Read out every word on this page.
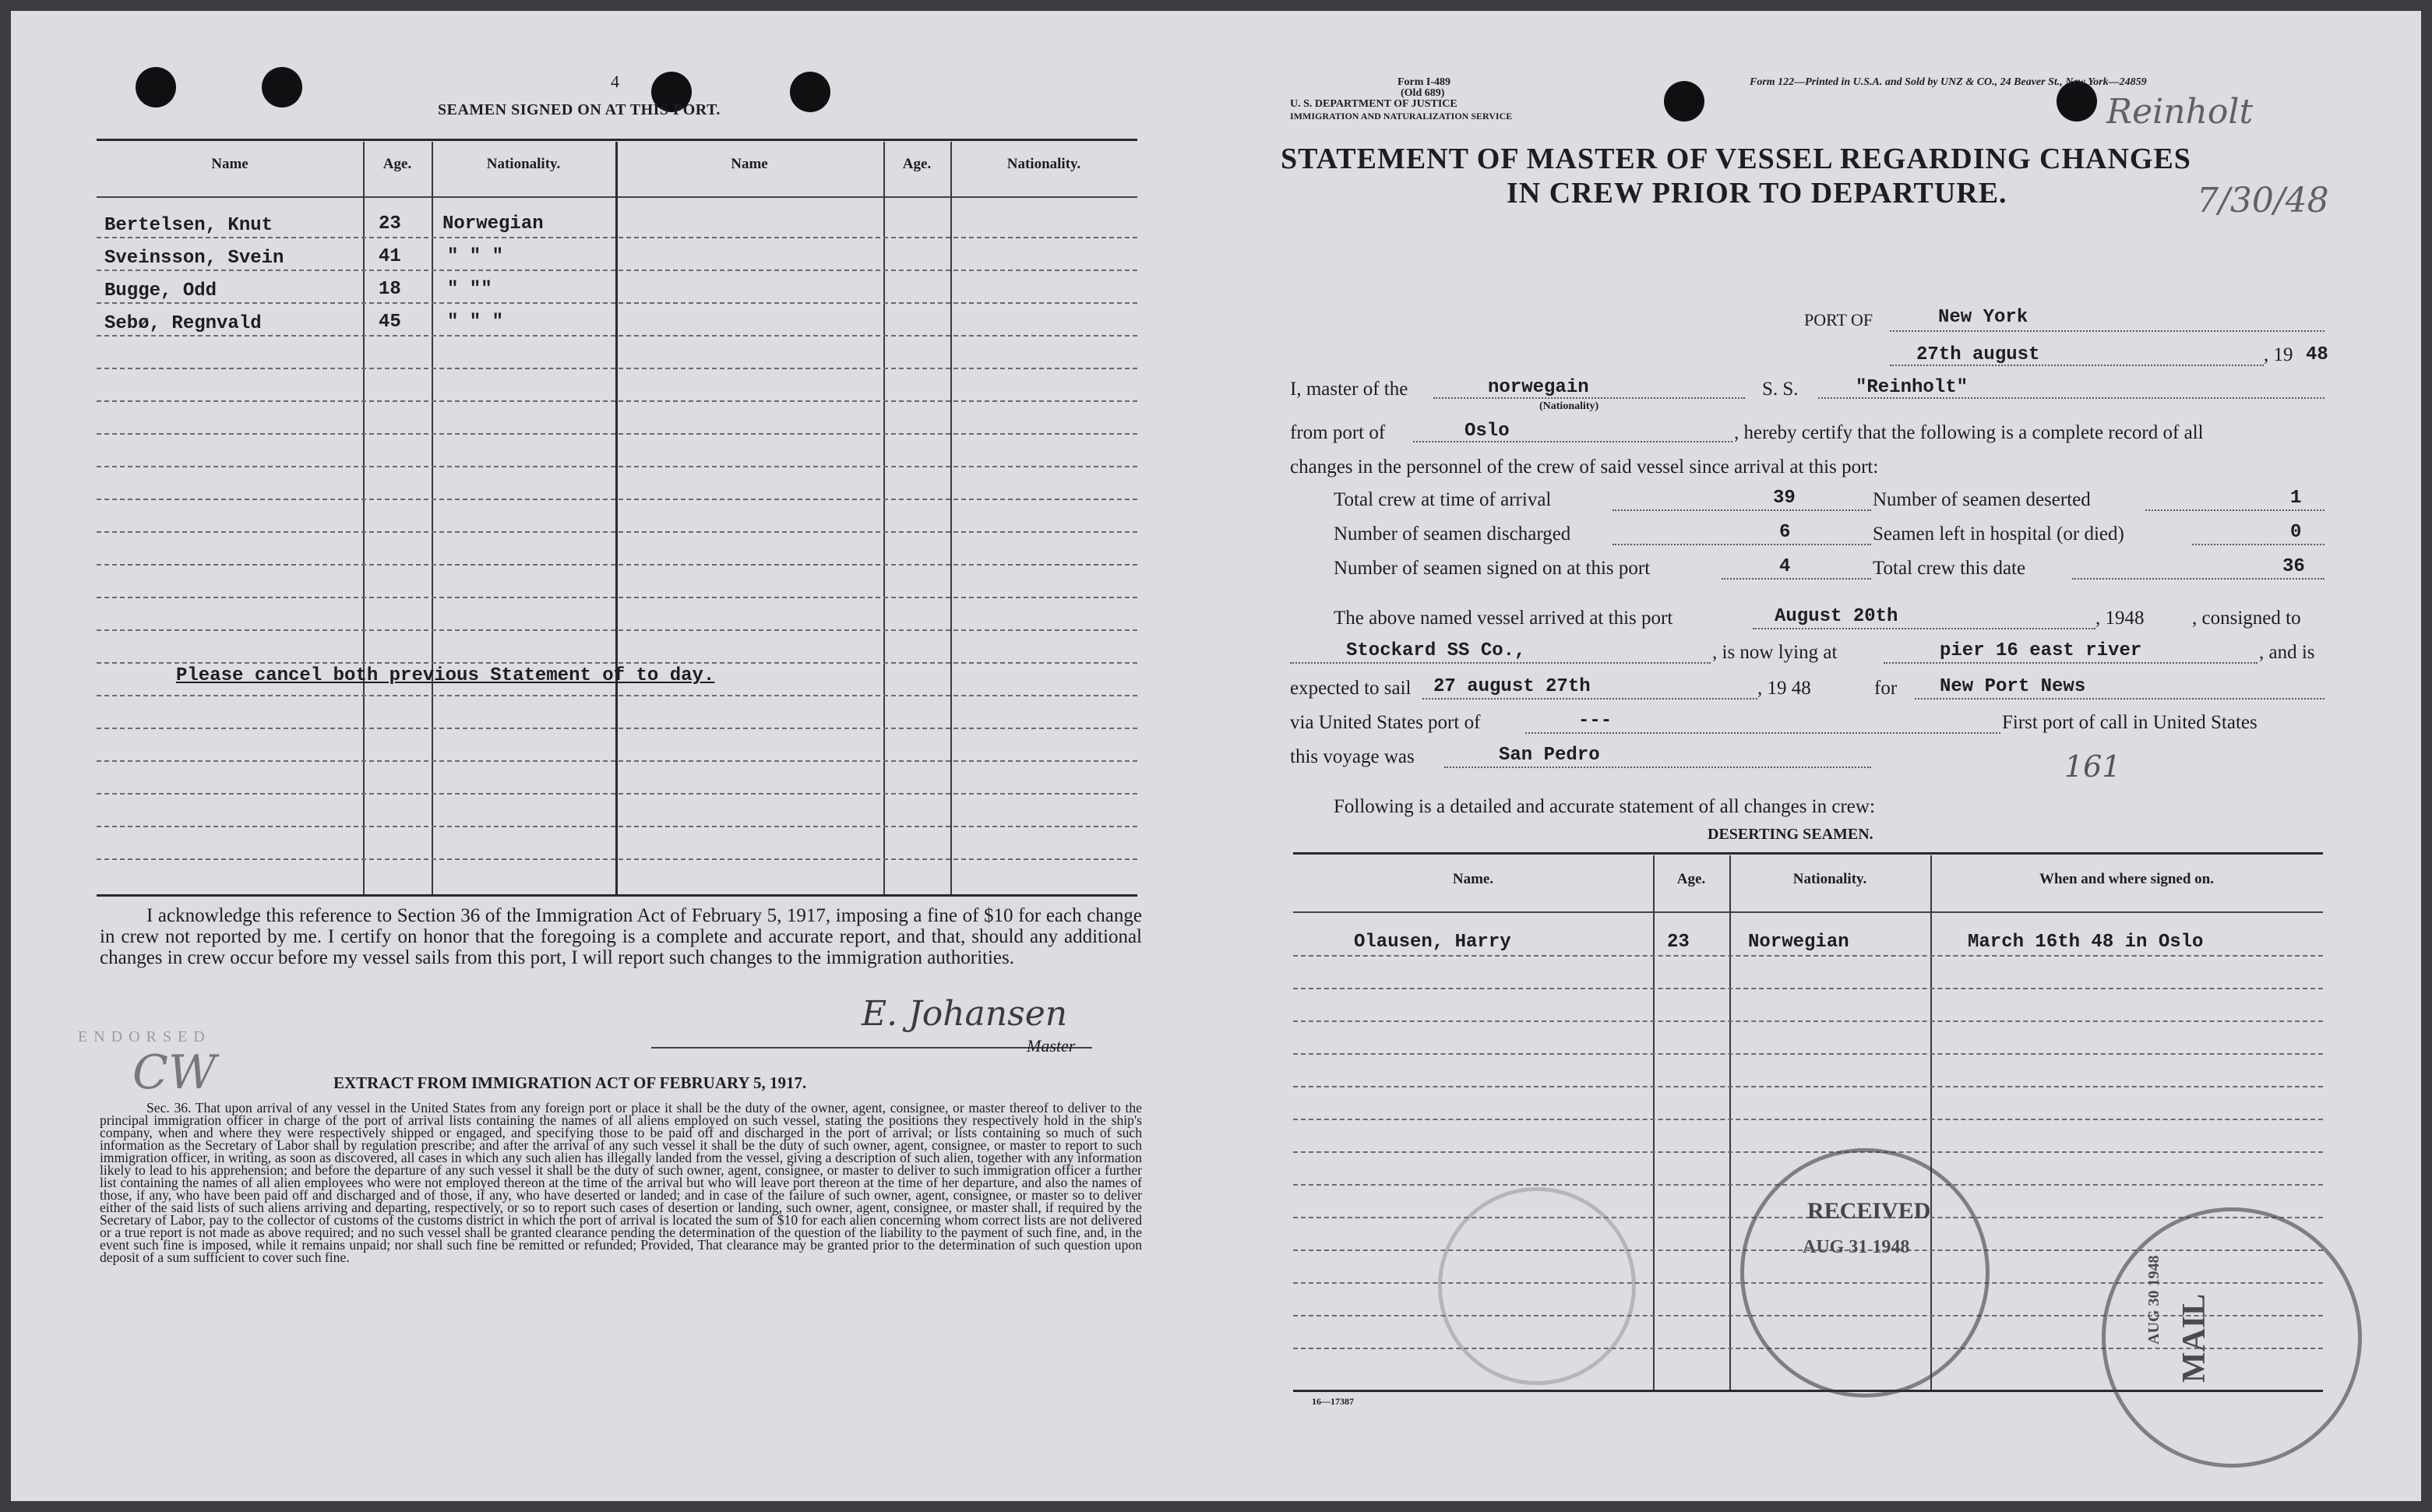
4
SEAMEN SIGNED ON AT THIS PORT.
Name	Age.	Nationality.	Name	Age.	Nationality.
Bertelsen, Knut	23 Norwegian
Sveinsson, Svein	41 " " "
Bugge, Odd	18 " ""
Sebø, Regnvald	45 " " "
Please cancel both previous Statement of to day.
I acknowledge this reference to Section 36 of the Immigration Act of February 5, 1917, imposing a fine of $10 for each change in crew not reported by me. I certify on honor that the foregoing is a complete and accurate report, and that, should any additional changes in crew occur before my vessel sails from this port, I will report such changes to the immigration authorities.
E. Johansen
Master
ENDORSED
CW	EXTRACT FROM IMMIGRATION ACT OF FEBRUARY 5, 1917.
Sec. 36. That upon arrival of any vessel in the United States from any foreign port or place it shall be the duty of the owner, agent, consignee, or master thereof to deliver to the principal immigration officer in charge of the port of arrival lists containing the names of all aliens employed on such vessel, stating the positions they respectively hold in the ship's company, when and where they were respectively shipped or engaged, and specifying those to be paid off and discharged in the port of arrival; or lists containing so much of such information as the Secretary of Labor shall by regulation prescribe; and after the arrival of any such vessel it shall be the duty of such owner, agent, consignee, or master to report to such immigration officer, in writing, as soon as discovered, all cases in which any such alien has illegally landed from the vessel, giving a description of such alien, together with any information likely to lead to his apprehension; and before the departure of any such vessel it shall be the duty of such owner, agent, consignee, or master to deliver to such immigration officer a further list containing the names of all alien employees who were not employed thereon at the time of the arrival but who will leave port thereon at the time of her departure, and also the names of those, if any, who have been paid off and discharged and of those, if any, who have deserted or landed; and in case of the failure of such owner, agent, consignee, or master so to deliver either of the said lists of such aliens arriving and departing, respectively, or so to report such cases of desertion or landing, such owner, agent, consignee, or master shall, if required by the Secretary of Labor, pay to the collector of customs of the customs district in which the port of arrival is located the sum of $10 for each alien concerning whom correct lists are not delivered or a true report is not made as above required; and no such vessel shall be granted clearance pending the determination of the question of the liability to the payment of such fine, and, in the event such fine is imposed, while it remains unpaid; nor shall such fine be remitted or refunded; Provided, That clearance may be granted prior to the determination of such question upon deposit of a sum sufficient to cover such fine.
Form I-489
(Old 689)
U. S. DEPARTMENT OF JUSTICE
IMMIGRATION AND NATURALIZATION SERVICE
Form 122—Printed in U.S.A. and Sold by UNZ & CO., 24 Beaver St., New York—24859
Reinholt
7/30/48
STATEMENT OF MASTER OF VESSEL REGARDING CHANGES
IN CREW PRIOR TO DEPARTURE.
PORT OF	New York
27th august	, 19 48
I, master of the	norwegain
(Nationality)
S. S.	"Reinholt"
from port of	Oslo	, hereby certify that the following is a complete record of all
changes in the personnel of the crew of said vessel since arrival at this port:
Total crew at time of arrival	39
Number of seamen discharged	6
Number of seamen signed on at this port	4
Number of seamen deserted	1
Seamen left in hospital (or died)	0
Total crew this date	36
The above named vessel arrived at this port	August 20th	, 1948 , consigned to
Stockard SS Co.,	, is now lying at	pier 16 east river	, and is
expected to sail 27 august 27th	, 19 48	for New Port News
via United States port of	---	First port of call in United States
this voyage was	San Pedro	161
Following is a detailed and accurate statement of all changes in crew:
DESERTING SEAMEN.
Name.	Age.	Nationality.	When and where signed on.
Olausen, Harry	23	Norwegian	March 16th 48 in Oslo
RECEIVED
AUG 31 1948
MAIL
AUG 30 1948
16—17387
